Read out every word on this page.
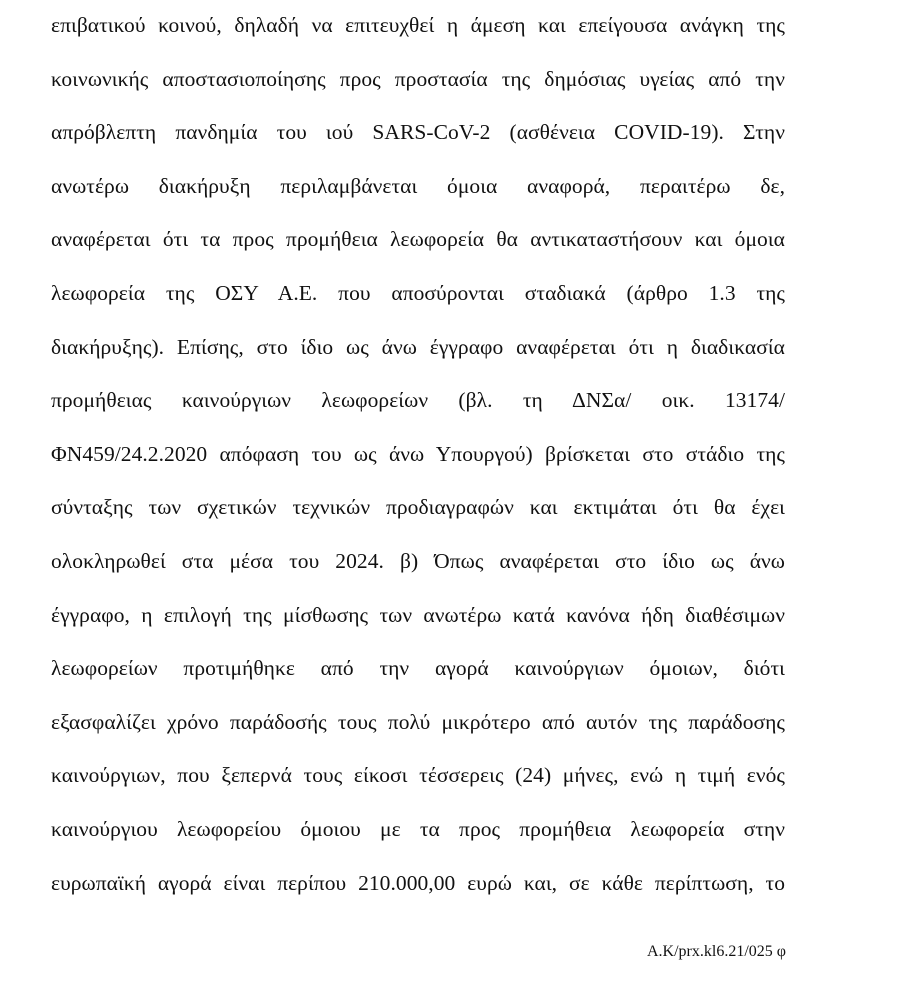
επιβατικού κοινού, δηλαδή να επιτευχθεί η άμεση και επείγουσα ανάγκη της
κοινωνικής αποστασιοποίησης προς προστασία της δημόσιας υγείας από την
απρόβλεπτη πανδημία του ιού SARS-CoV-2 (ασθένεια COVID-19). Στην
ανωτέρω διακήρυξη περιλαμβάνεται όμοια αναφορά, περαιτέρω δε,
αναφέρεται ότι τα προς προμήθεια λεωφορεία θα αντικαταστήσουν και όμοια
λεωφορεία της ΟΣΥ Α.Ε. που αποσύρονται σταδιακά (άρθρο 1.3 της
διακήρυξης). Επίσης, στο ίδιο ως άνω έγγραφο αναφέρεται ότι η διαδικασία
προμήθειας καινούργιων λεωφορείων (βλ. τη ΔΝΣα/ οικ. 13174/
ΦΝ459/24.2.2020 απόφαση του ως άνω Υπουργού) βρίσκεται στο στάδιο της
σύνταξης των σχετικών τεχνικών προδιαγραφών και εκτιμάται ότι θα έχει
ολοκληρωθεί στα μέσα του 2024. β) Όπως αναφέρεται στο ίδιο ως άνω
έγγραφο, η επιλογή της μίσθωσης των ανωτέρω κατά κανόνα ήδη διαθέσιμων
λεωφορείων προτιμήθηκε από την αγορά καινούργιων όμοιων, διότι
εξασφαλίζει χρόνο παράδοσής τους πολύ μικρότερο από αυτόν της παράδοσης
καινούργιων, που ξεπερνά τους είκοσι τέσσερεις (24) μήνες, ενώ η τιμή ενός
καινούργιου λεωφορείου όμοιου με τα προς προμήθεια λεωφορεία στην
ευρωπαϊκή αγορά είναι περίπου 210.000,00 ευρώ και, σε κάθε περίπτωση, το
A.K/prx.kl6.21/025 φ
